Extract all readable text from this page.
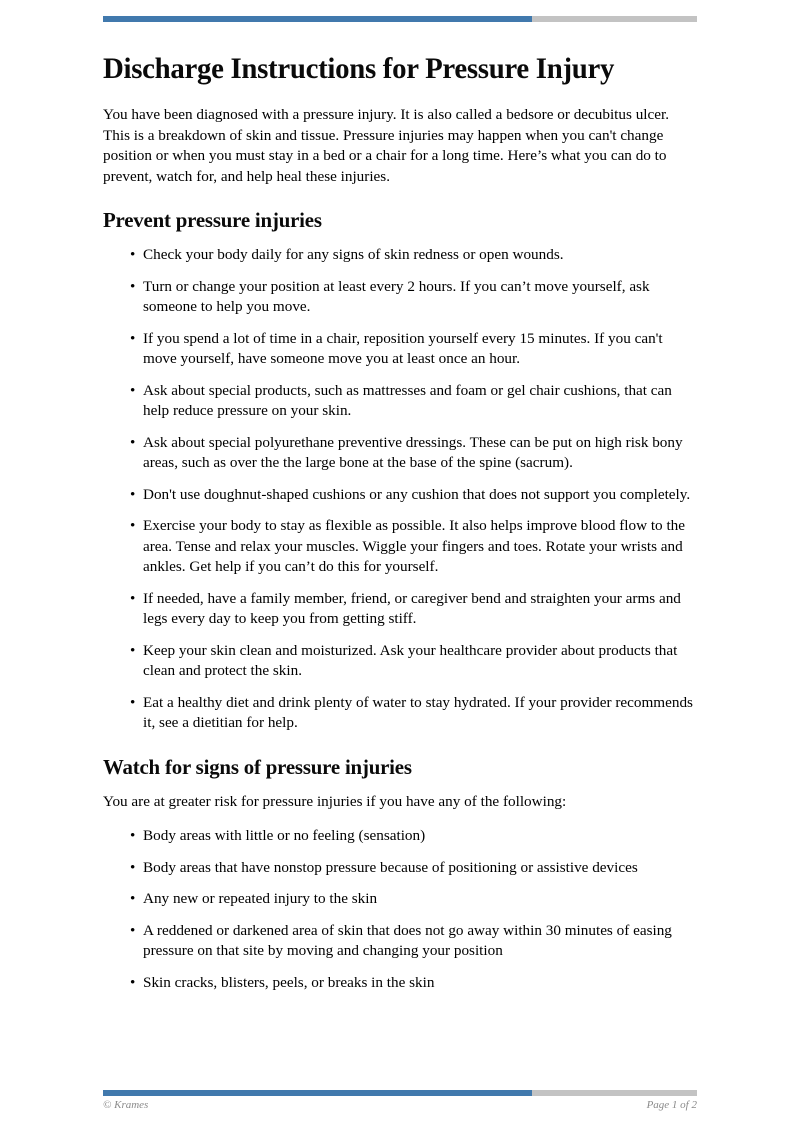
Discharge Instructions for Pressure Injury

You have been diagnosed with a pressure injury. It is also called a bedsore or decubitus ulcer. This is a breakdown of skin and tissue. Pressure injuries may happen when you can't change position or when you must stay in a bed or a chair for a long time. Here’s what you can do to prevent, watch for, and help heal these injuries.

Prevent pressure injuries
• Check your body daily for any signs of skin redness or open wounds.
• Turn or change your position at least every 2 hours. If you can’t move yourself, ask someone to help you move.
• If you spend a lot of time in a chair, reposition yourself every 15 minutes. If you can't move yourself, have someone move you at least once an hour.
• Ask about special products, such as mattresses and foam or gel chair cushions, that can help reduce pressure on your skin.
• Ask about special polyurethane preventive dressings. These can be put on high risk bony areas, such as over the the large bone at the base of the spine (sacrum).
• Don't use doughnut-shaped cushions or any cushion that does not support you completely.
• Exercise your body to stay as flexible as possible. It also helps improve blood flow to the area. Tense and relax your muscles. Wiggle your fingers and toes. Rotate your wrists and ankles. Get help if you can’t do this for yourself.
• If needed, have a family member, friend, or caregiver bend and straighten your arms and legs every day to keep you from getting stiff.
• Keep your skin clean and moisturized. Ask your healthcare provider about products that clean and protect the skin.
• Eat a healthy diet and drink plenty of water to stay hydrated. If your provider recommends it, see a dietitian for help.
Watch for signs of pressure injuries

You are at greater risk for pressure injuries if you have any of the following:

• Body areas with little or no feeling (sensation)
• Body areas that have nonstop pressure because of positioning or assistive devices
• Any new or repeated injury to the skin
• A reddened or darkened area of skin that does not go away within 30 minutes of easing pressure on that site by moving and changing your position
• Skin cracks, blisters, peels, or breaks in the skin
© Krames	Page 1 of 2
